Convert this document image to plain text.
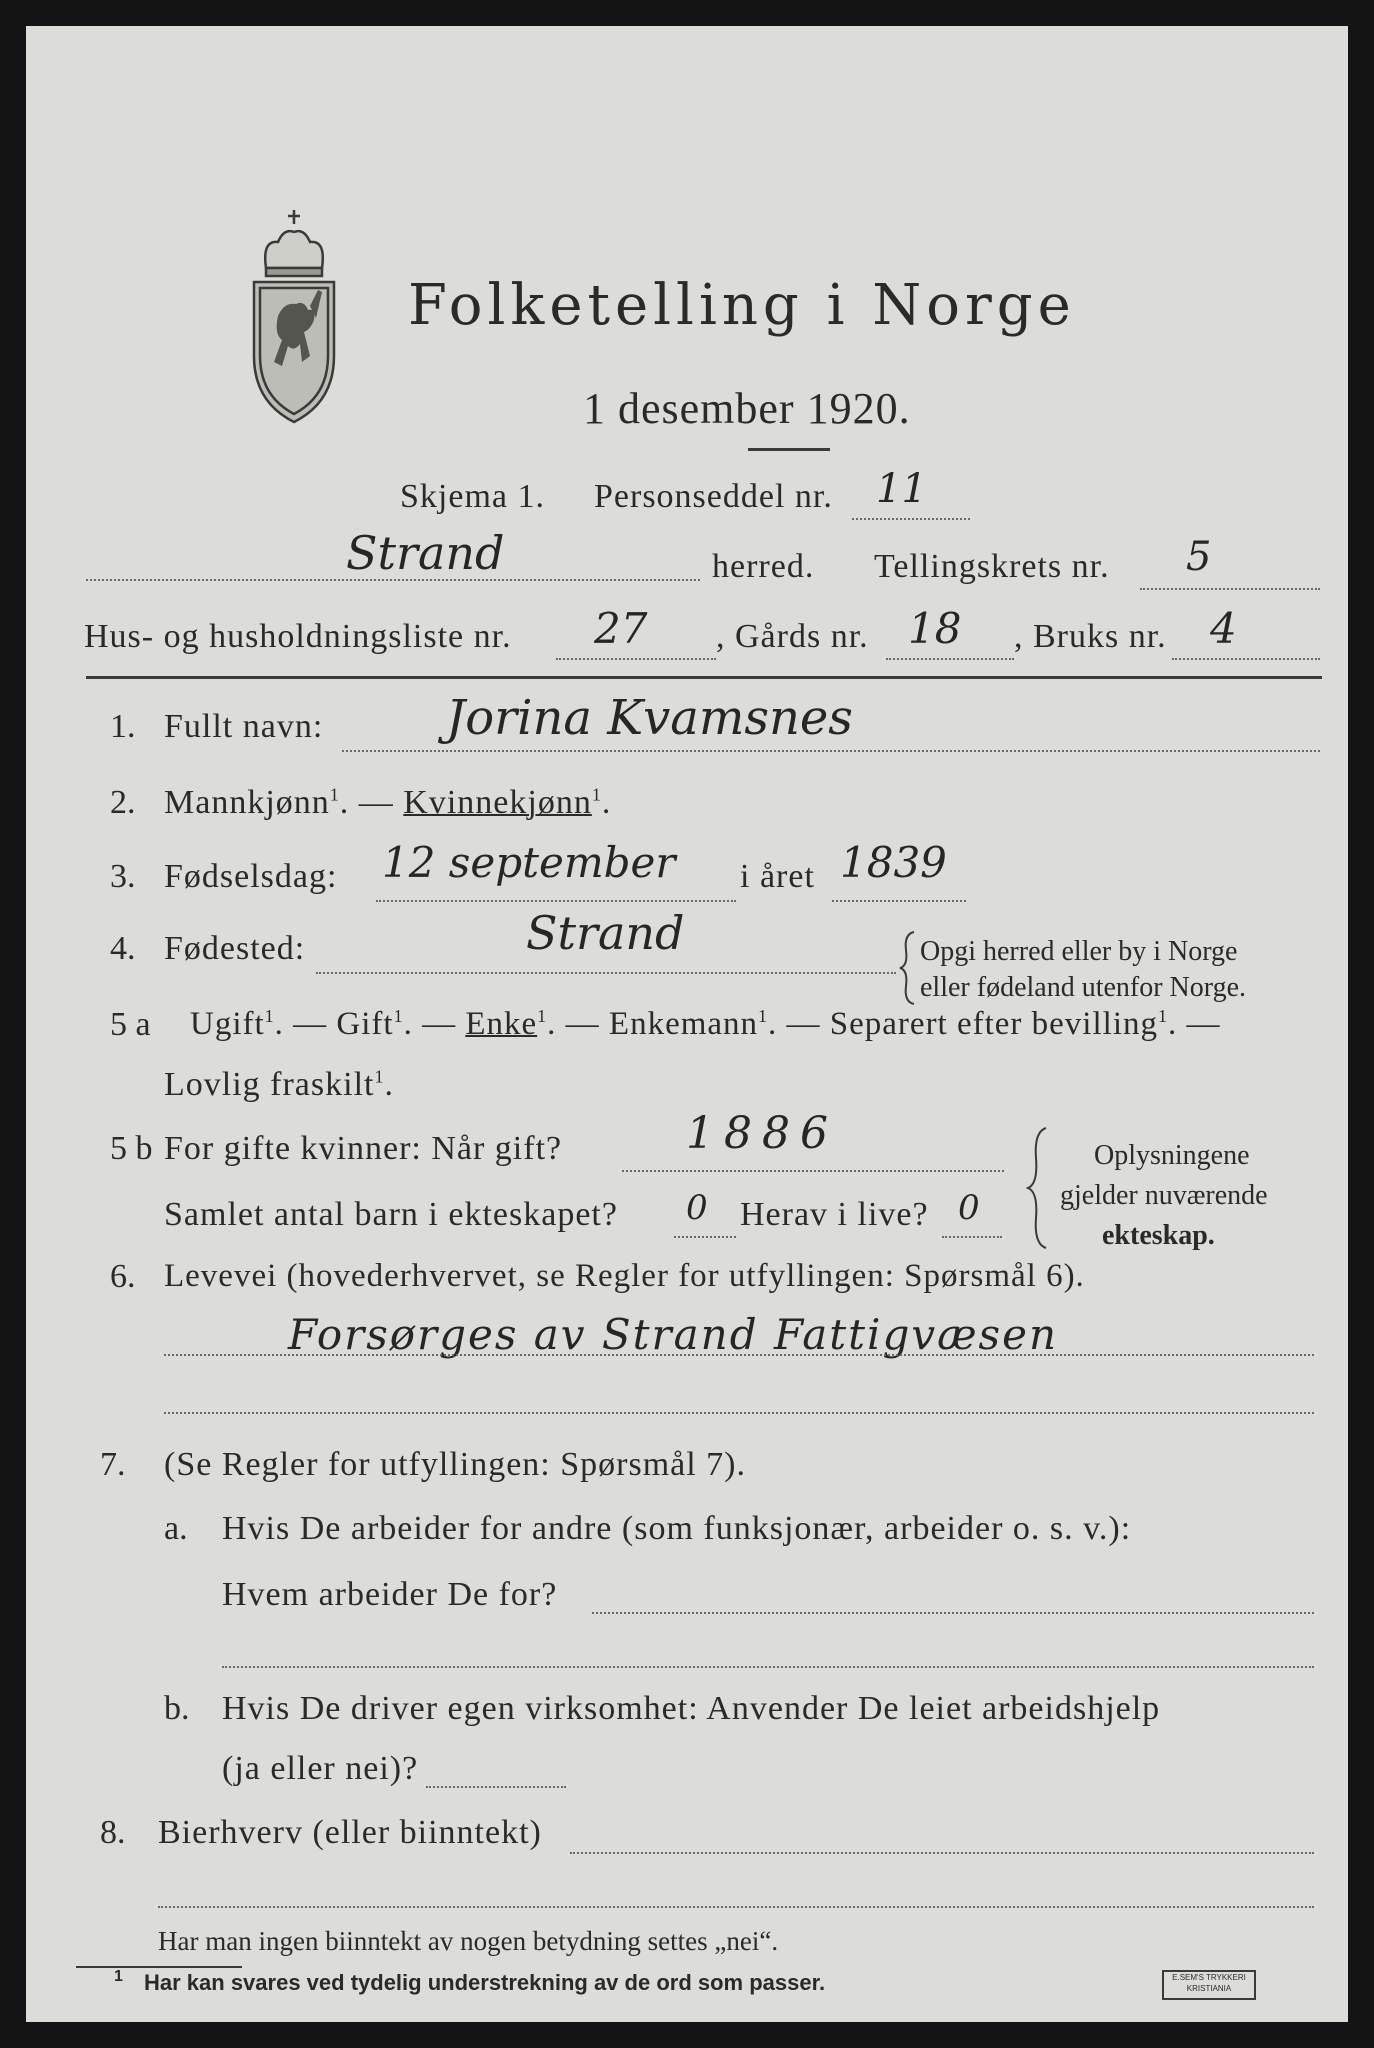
Folketelling i Norge
1 desember 1920.
Skjema 1. Personseddel nr. 11
Strand	herred. Tellingskrets nr. 5
Hus- og husholdningsliste nr. 27 , Gårds nr. 18 , Bruks nr. 4
1. Fullt navn:	Jorina Kvamsnes
2. Mannkjønn$^1$. — Kvinnekjønn$^1$.
3. Fødselsdag: 12 september i året 1839
4. Fødested:	Strand	Opgi herred eller by i Norge
eller fødeland utenfor Norge.
5 a Ugift$^1$. — Gift$^1$. — Enke$^1$. — Enkemann$^1$. — Separert efter bevilling$^1$. —
Lovlig fraskilt$^1$.
5 b For gifte kvinner: Når gift?	1886
Samlet antal barn i ekteskapet? 0 Herav i live? 0
Oplysningene
gjelder nuværende
ekteskap.
6. Levevei (hovederhvervet, se Regler for utfyllingen: Spørsmål 6).
Forsørges av Strand Fattigvæsen
7. (Se Regler for utfyllingen: Spørsmål 7).
a. Hvis De arbeider for andre (som funksjonær, arbeider o. s. v.):
Hvem arbeider De for?
b. Hvis De driver egen virksomhet: Anvender De leiet arbeidshjelp
(ja eller nei)?
8. Bierhverv (eller biinntekt)
Har man ingen biinntekt av nogen betydning settes „nei“.
1 Har kan svares ved tydelig understrekning av de ord som passer.	E.SEM'S TRYKKERI
KRISTIANIA
